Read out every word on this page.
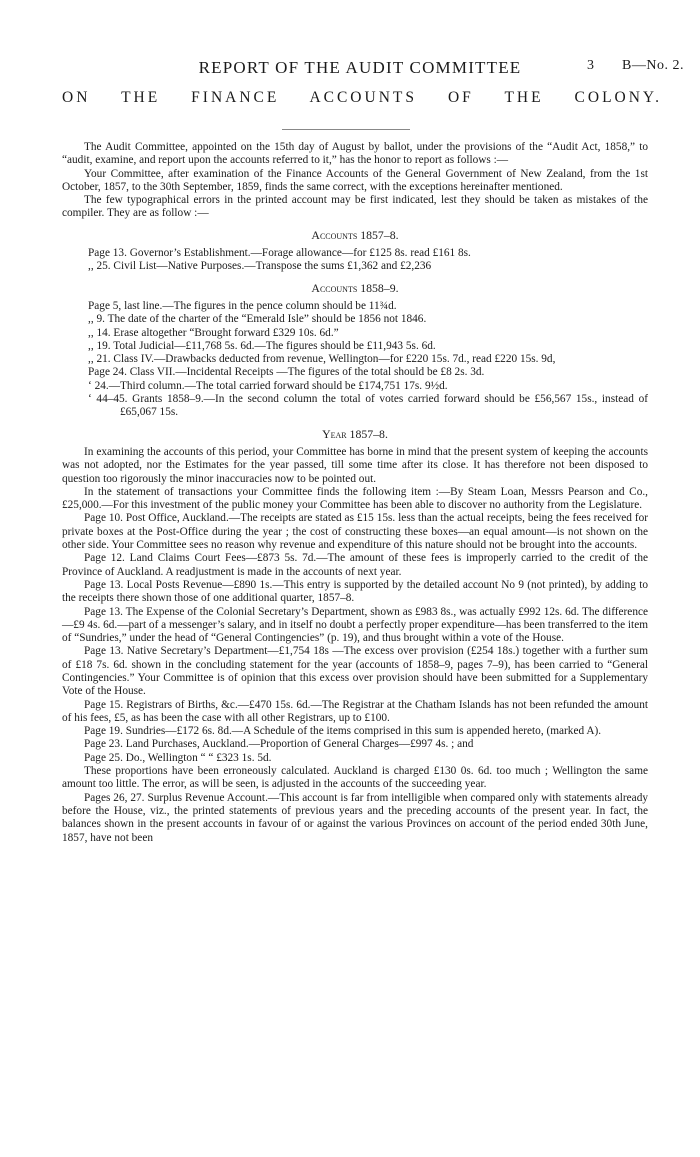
REPORT OF THE AUDIT COMMITTEE	3 B—No. 2.
ON THE FINANCE ACCOUNTS OF THE COLONY.

The Audit Committee, appointed on the 15th day of August by ballot, under the provisions of the “Audit Act, 1858,” to “audit, examine, and report upon the accounts referred to it,” has the honor to report as follows :—

Your Committee, after examination of the Finance Accounts of the General Government of New Zealand, from the 1st October, 1857, to the 30th September, 1859, finds the same correct, with the exceptions hereinafter mentioned.

The few typographical errors in the printed account may be first indicated, lest they should be taken as mistakes of the compiler. They are as follow :—

Accounts 1857–8.

Page 13. Governor’s Establishment.—Forage allowance—for £125 8s. read £161 8s.

,, 25. Civil List—Native Purposes.—Transpose the sums £1,362 and £2,236

Accounts 1858–9.

Page 5, last line.—The figures in the pence column should be 11¾d.

,, 9. The date of the charter of the “Emerald Isle” should be 1856 not 1846.

,, 14. Erase altogether “Brought forward £329 10s. 6d.”

,, 19. Total Judicial—£11,768 5s. 6d.—The figures should be £11,943 5s. 6d.

,, 21. Class IV.—Drawbacks deducted from revenue, Wellington—for £220 15s. 7d., read £220 15s. 9d,

Page 24. Class VII.—Incidental Receipts —The figures of the total should be £8 2s. 3d.

‘ 24.—Third column.—The total carried forward should be £174,751 17s. 9½d.

‘ 44–45. Grants 1858–9.—In the second column the total of votes carried forward should be £56,567 15s., instead of £65,067 15s.

Year 1857–8.

In examining the accounts of this period, your Committee has borne in mind that the present system of keeping the accounts was not adopted, nor the Estimates for the year passed, till some time after its close. It has therefore not been disposed to question too rigorously the minor inaccuracies now to be pointed out.

In the statement of transactions your Committee finds the following item :—By Steam Loan, Messrs Pearson and Co., £25,000.—For this investment of the public money your Committee has been able to discover no authority from the Legislature.

Page 10. Post Office, Auckland.—The receipts are stated as £15 15s. less than the actual receipts, being the fees received for private boxes at the Post-Office during the year ; the cost of constructing these boxes—an equal amount—is not shown on the other side. Your Committee sees no reason why revenue and expenditure of this nature should not be brought into the accounts.

Page 12. Land Claims Court Fees—£873 5s. 7d.—The amount of these fees is improperly carried to the credit of the Province of Auckland. A readjustment is made in the accounts of next year.

Page 13. Local Posts Revenue—£890 1s.—This entry is supported by the detailed account No 9 (not printed), by adding to the receipts there shown those of one additional quarter, 1857–8.

Page 13. The Expense of the Colonial Secretary’s Department, shown as £983 8s., was actually £992 12s. 6d. The difference—£9 4s. 6d.—part of a messenger’s salary, and in itself no doubt a perfectly proper expenditure—has been transferred to the item of “Sundries,” under the head of “General Contingencies” (p. 19), and thus brought within a vote of the House.

Page 13. Native Secretary’s Department—£1,754 18s —The excess over provision (£254 18s.) together with a further sum of £18 7s. 6d. shown in the concluding statement for the year (accounts of 1858–9, pages 7–9), has been carried to “General Contingencies.” Your Committee is of opinion that this excess over provision should have been submitted for a Supplementary Vote of the House.

Page 15. Registrars of Births, &c.—£470 15s. 6d.—The Registrar at the Chatham Islands has not been refunded the amount of his fees, £5, as has been the case with all other Registrars, up to £100.

Page 19. Sundries—£172 6s. 8d.—A Schedule of the items comprised in this sum is appended hereto, (marked A).

Page 23. Land Purchases, Auckland.—Proportion of General Charges—£997 4s. ; and

Page 25. Do., Wellington “ “ £323 1s. 5d.

These proportions have been erroneously calculated. Auckland is charged £130 0s. 6d. too much ; Wellington the same amount too little. The error, as will be seen, is adjusted in the accounts of the succeeding year.

Pages 26, 27. Surplus Revenue Account.—This account is far from intelligible when compared only with statements already before the House, viz., the printed statements of previous years and the preceding accounts of the present year. In fact, the balances shown in the present accounts in favour of or against the various Provinces on account of the period ended 30th June, 1857, have not been
